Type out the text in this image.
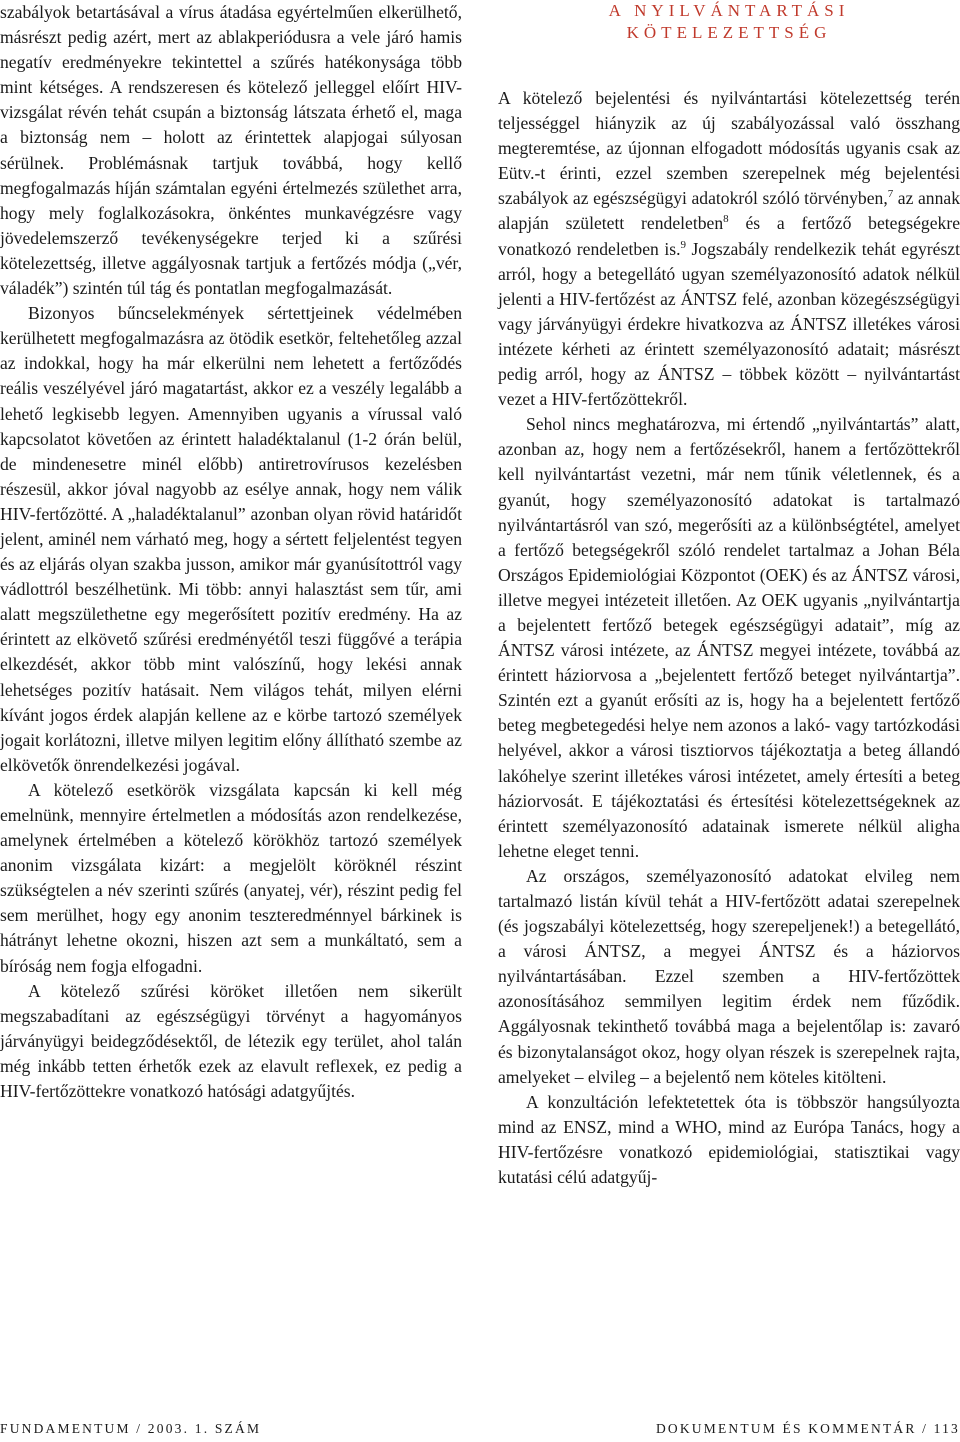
szabályok betartásával a vírus átadása egyértelműen elkerülhető, másrészt pedig azért, mert az ablakperiódusra a vele járó hamis negatív eredményekre tekintettel a szűrés hatékonysága több mint kétséges. A rendszeresen és kötelező jelleggel előírt HIV-vizsgálat révén tehát csupán a biztonság látszata érhető el, maga a biztonság nem – holott az érintettek alapjogai súlyosan sérülnek. Problémásnak tartjuk továbbá, hogy kellő megfogalmazás híján számtalan egyéni értelmezés születhet arra, hogy mely foglalkozásokra, önkéntes munkavégzésre vagy jövedelemszerző tevékenységekre terjed ki a szűrési kötelezettség, illetve aggályosnak tartjuk a fertőzés módja („vér, váladék”) szintén túl tág és pontatlan megfogalmazását.

Bizonyos bűncselekmények sértettjeinek védelmében kerülhetett megfogalmazásra az ötödik esetkör, feltehetőleg azzal az indokkal, hogy ha már elkerülni nem lehetett a fertőződés reális veszélyével járó magatartást, akkor ez a veszély legalább a lehető legkisebb legyen. Amennyiben ugyanis a vírussal való kapcsolatot követően az érintett haladéktalanul (1-2 órán belül, de mindenesetre minél előbb) antiretrovírusos kezelésben részesül, akkor jóval nagyobb az esélye annak, hogy nem válik HIV-fertőzötté. A „haladéktalanul” azonban olyan rövid határidőt jelent, aminél nem várható meg, hogy a sértett feljelentést tegyen és az eljárás olyan szakba jusson, amikor már gyanúsítottról vagy vádlottról beszélhetünk. Mi több: annyi halasztást sem tűr, ami alatt megszülethetne egy megerősített pozitív eredmény. Ha az érintett az elkövető szűrési eredményétől teszi függővé a terápia elkezdését, akkor több mint valószínű, hogy lekési annak lehetséges pozitív hatásait. Nem világos tehát, milyen elérni kívánt jogos érdek alapján kellene az e körbe tartozó személyek jogait korlátozni, illetve milyen legitim előny állítható szembe az elkövetők önrendelkezési jogával.

A kötelező esetkörök vizsgálata kapcsán ki kell még emelnünk, mennyire értelmetlen a módosítás azon rendelkezése, amelynek értelmében a kötelező körökhöz tartozó személyek anonim vizsgálata kizárt: a megjelölt köröknél részint szükségtelen a név szerinti szűrés (anyatej, vér), részint pedig fel sem merülhet, hogy egy anonim teszteredménnyel bárkinek is hátrányt lehetne okozni, hiszen azt sem a munkáltató, sem a bíróság nem fogja elfogadni.

A kötelező szűrési köröket illetően nem sikerült megszabadítani az egészségügyi törvényt a hagyományos járványügyi beidegződésektől, de létezik egy terület, ahol talán még inkább tetten érhetők ezek az elavult reflexek, ez pedig a HIV-fertőzöttekre vonatkozó hatósági adatgyűjtés.

A NYILVÁNTARTÁSI
KÖTELEZETTSÉG

A kötelező bejelentési és nyilvántartási kötelezettség terén teljességgel hiányzik az új szabályozással való összhang megteremtése, az újonnan elfogadott módosítás ugyanis csak az Eütv.-t érinti, ezzel szemben szerepelnek még bejelentési szabályok az egészségügyi adatokról szóló törvényben,$^7$ az annak alapján született rendeletben$^8$ és a fertőző betegségekre vonatkozó rendeletben is.$^9$ Jogszabály rendelkezik tehát egyrészt arról, hogy a betegellátó ugyan személyazonosító adatok nélkül jelenti a HIV-fertőzést az ÁNTSZ felé, azonban közegészségügyi vagy járványügyi érdekre hivatkozva az ÁNTSZ illetékes városi intézete kérheti az érintett személyazonosító adatait; másrészt pedig arról, hogy az ÁNTSZ – többek között – nyilvántartást vezet a HIV-fertőzöttekről.

Sehol nincs meghatározva, mi értendő „nyilvántartás” alatt, azonban az, hogy nem a fertőzésekről, hanem a fertőzöttekről kell nyilvántartást vezetni, már nem tűnik véletlennek, és a gyanút, hogy személyazonosító adatokat is tartalmazó nyilvántartásról van szó, megerősíti az a különbségtétel, amelyet a fertőző betegségekről szóló rendelet tartalmaz a Johan Béla Országos Epidemiológiai Központot (OEK) és az ÁNTSZ városi, illetve megyei intézeteit illetően. Az OEK ugyanis „nyilvántartja a bejelentett fertőző betegek egészségügyi adatait”, míg az ÁNTSZ városi intézete, az ÁNTSZ megyei intézete, továbbá az érintett háziorvosa a „bejelentett fertőző beteget nyilvántartja”. Szintén ezt a gyanút erősíti az is, hogy ha a bejelentett fertőző beteg megbetegedési helye nem azonos a lakó- vagy tartózkodási helyével, akkor a városi tisztiorvos tájékoztatja a beteg állandó lakóhelye szerint illetékes városi intézetet, amely értesíti a beteg háziorvosát. E tájékoztatási és értesítési kötelezettségeknek az érintett személyazonosító adatainak ismerete nélkül aligha lehetne eleget tenni.

Az országos, személyazonosító adatokat elvileg nem tartalmazó listán kívül tehát a HIV-fertőzött adatai szerepelnek (és jogszabályi kötelezettség, hogy szerepeljenek!) a betegellátó, a városi ÁNTSZ, a megyei ÁNTSZ és a háziorvos nyilvántartásában. Ezzel szemben a HIV-fertőzöttek azonosításához semmilyen legitim érdek nem fűződik. Aggályosnak tekinthető továbbá maga a bejelentőlap is: zavaró és bizonytalanságot okoz, hogy olyan részek is szerepelnek rajta, amelyeket – elvileg – a bejelentő nem köteles kitölteni.

A konzultáción lefektetettek óta is többször hangsúlyozta mind az ENSZ, mind a WHO, mind az Európa Tanács, hogy a HIV-fertőzésre vonatkozó epidemiológiai, statisztikai vagy kutatási célú adatgyűj-

FUNDAMENTUM / 2003. 1. SZÁM	DOKUMENTUM ÉS KOMMENTÁR / 113
